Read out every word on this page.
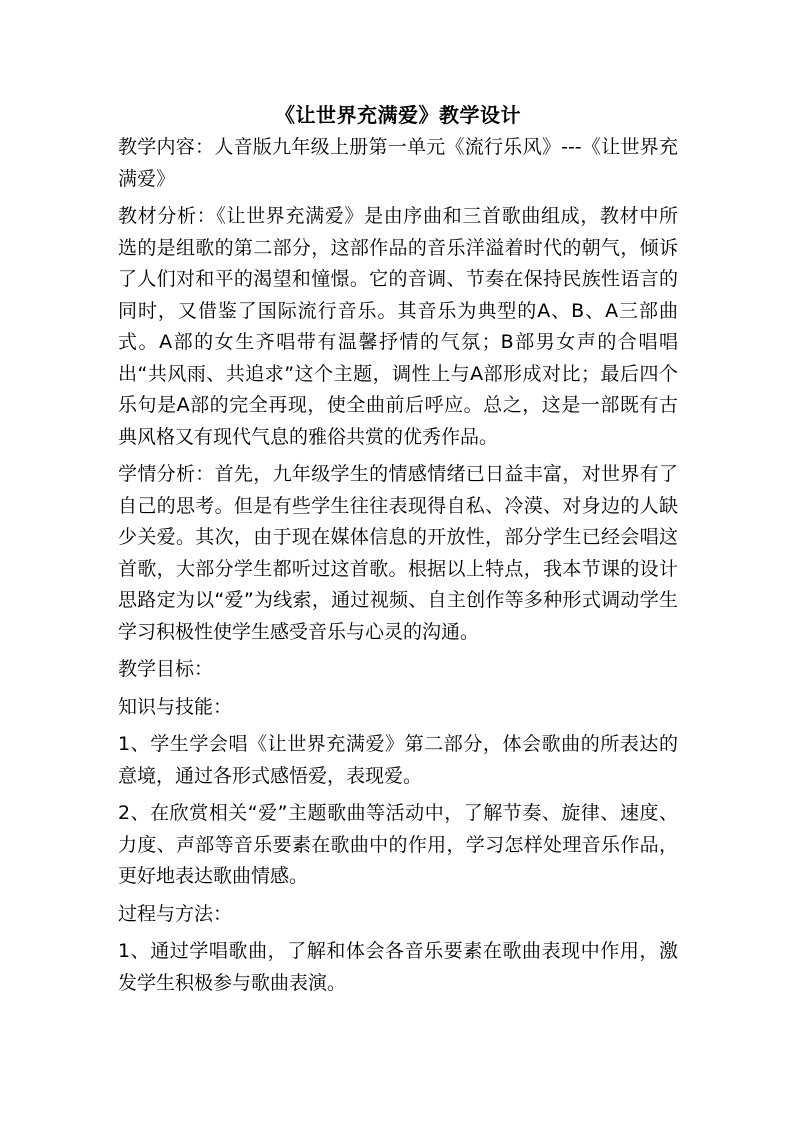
《让世界充满爱》教学设计

教学内容：人音版九年级上册第一单元《流行乐风》---《让世界充满爱》

教材分析：《让世界充满爱》是由序曲和三首歌曲组成，教材中所选的是组歌的第二部分，这部作品的音乐洋溢着时代的朝气，倾诉了人们对和平的渴望和憧憬。它的音调、节奏在保持民族性语言的同时，又借鉴了国际流行音乐。其音乐为典型的A、B、A三部曲式。A部的女生齐唱带有温馨抒情的气氛；B部男女声的合唱唱出“共风雨、共追求”这个主题，调性上与A部形成对比；最后四个乐句是A部的完全再现，使全曲前后呼应。总之，这是一部既有古典风格又有现代气息的雅俗共赏的优秀作品。

学情分析：首先，九年级学生的情感情绪已日益丰富，对世界有了自己的思考。但是有些学生往往表现得自私、冷漠、对身边的人缺少关爱。其次，由于现在媒体信息的开放性，部分学生已经会唱这首歌，大部分学生都听过这首歌。根据以上特点，我本节课的设计思路定为以“爱”为线索，通过视频、自主创作等多种形式调动学生学习积极性使学生感受音乐与心灵的沟通。

教学目标：

知识与技能：

1、学生学会唱《让世界充满爱》第二部分，体会歌曲的所表达的意境，通过各形式感悟爱，表现爱。

2、在欣赏相关“爱”主题歌曲等活动中，了解节奏、旋律、速度、力度、声部等音乐要素在歌曲中的作用，学习怎样处理音乐作品，更好地表达歌曲情感。

过程与方法：

1、通过学唱歌曲，了解和体会各音乐要素在歌曲表现中作用，激发学生积极参与歌曲表演。
